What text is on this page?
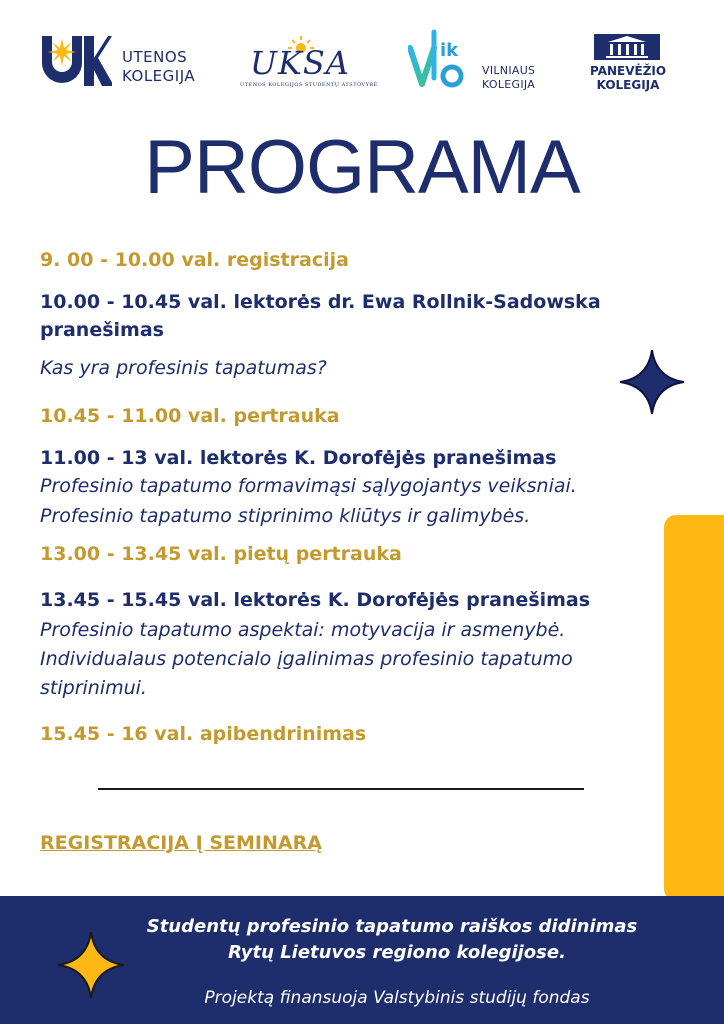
UTENOS
KOLEGIJA UKSA
UTENOS KOLEGIJOS STUDENTŲ ATSTOVYBĖ
ik
VILNIAUS
KOLEGIJA
PANEVĖŽIO
KOLEGIJA
PROGRAMA

9. 00 - 10.00 val. registracija

10.00 - 10.45 val. lektorės dr. Ewa Rollnik-Sadowska

pranešimas

Kas yra profesinis tapatumas?

10.45 - 11.00 val. pertrauka

11.00 - 13 val. lektorės K. Dorofėjės pranešimas

Profesinio tapatumo formavimąsi sąlygojantys veiksniai.

Profesinio tapatumo stiprinimo kliūtys ir galimybės.

13.00 - 13.45 val. pietų pertrauka

13.45 - 15.45 val. lektorės K. Dorofėjės pranešimas

Profesinio tapatumo aspektai: motyvacija ir asmenybė.

Individualaus potencialo įgalinimas profesinio tapatumo

stiprinimui.

15.45 - 16 val. apibendrinimas

REGISTRACIJA Į SEMINARĄ
Studentų profesinio tapatumo raiškos didinimas
Rytų Lietuvos regiono kolegijose.
Projektą finansuoja Valstybinis studijų fondas
